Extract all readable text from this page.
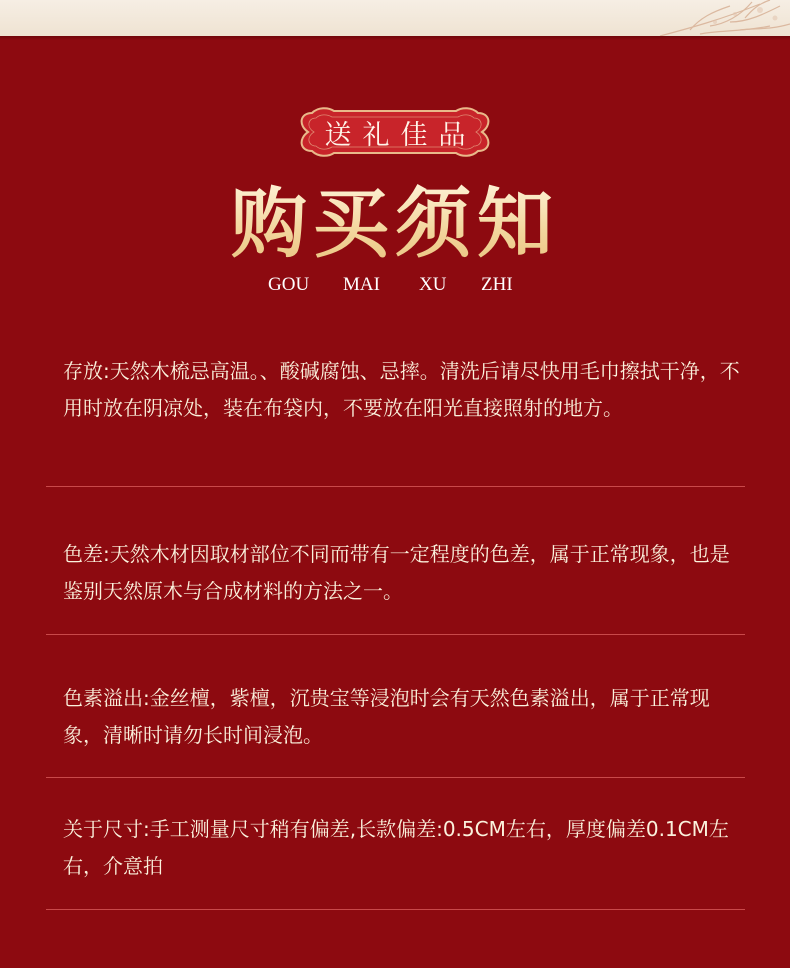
送礼佳品
购买须知
GOU MAI XU ZHI
存放:天然木梳忌高温。、酸碱腐蚀、忌摔。清洗后请尽快用毛巾擦拭干净，不用时放在阴凉处，装在布袋内，不要放在阳光直接照射的地方。
色差:天然木材因取材部位不同而带有一定程度的色差，属于正常现象，也是鉴别天然原木与合成材料的方法之一。
色素溢出:金丝檀，紫檀，沉贵宝等浸泡时会有天然色素溢出，属于正常现象，清晰时请勿长时间浸泡。
关于尺寸:手工测量尺寸稍有偏差,长款偏差:0.5CM左右，厚度偏差0.1CM左右，介意拍
